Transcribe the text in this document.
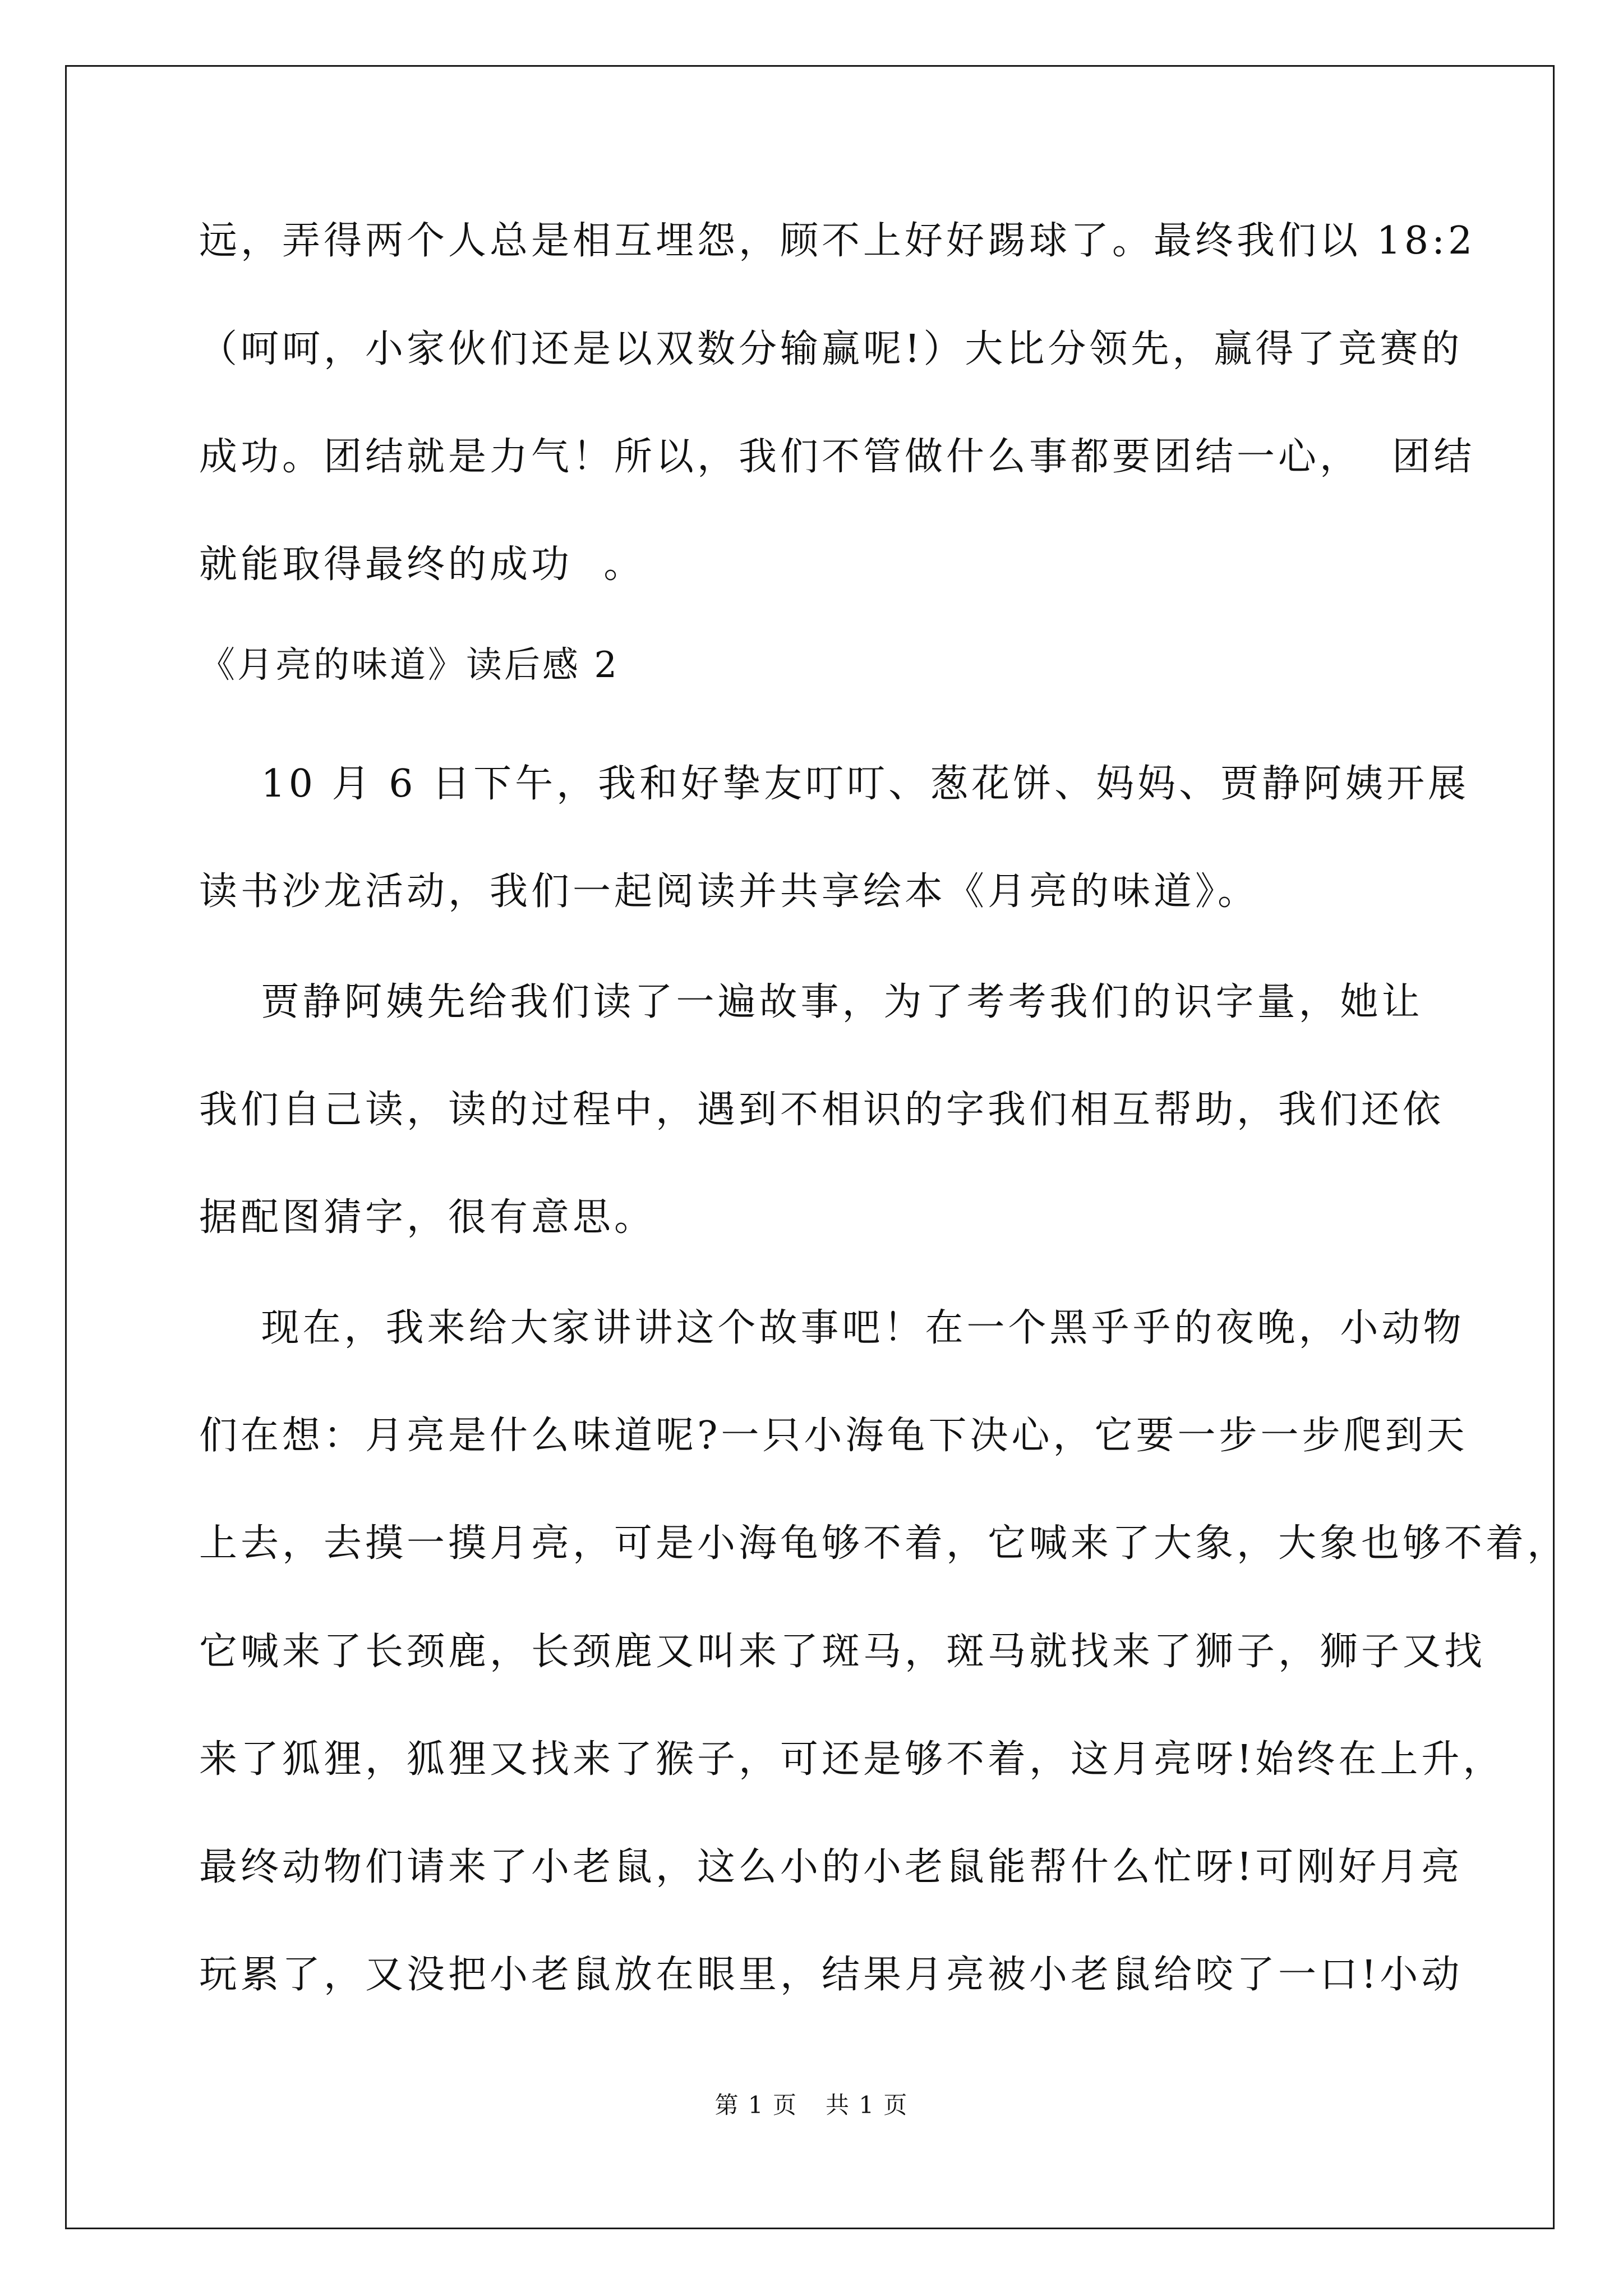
远，弄得两个人总是相互埋怨，顾不上好好踢球了。最终我们以 18:2
（呵呵，小家伙们还是以双数分输赢呢!）大比分领先，赢得了竞赛的
成功。团结就是力气！所以，我们不管做什么事都要团结一心，  团结
就能取得最终的成功  。
《月亮的味道》读后感 2
10 月 6 日下午，我和好挚友叮叮、葱花饼、妈妈、贾静阿姨开展
读书沙龙活动，我们一起阅读并共享绘本《月亮的味道》。
贾静阿姨先给我们读了一遍故事，为了考考我们的识字量，她让
我们自己读，读的过程中，遇到不相识的字我们相互帮助，我们还依
据配图猜字，很有意思。
现在，我来给大家讲讲这个故事吧！在一个黑乎乎的夜晚，小动物
们在想：月亮是什么味道呢?一只小海龟下决心，它要一步一步爬到天
上去，去摸一摸月亮，可是小海龟够不着，它喊来了大象，大象也够不着，
它喊来了长颈鹿，长颈鹿又叫来了斑马，斑马就找来了狮子，狮子又找
来了狐狸，狐狸又找来了猴子，可还是够不着，这月亮呀!始终在上升，
最终动物们请来了小老鼠，这么小的小老鼠能帮什么忙呀!可刚好月亮
玩累了，又没把小老鼠放在眼里，结果月亮被小老鼠给咬了一口!小动
第 1 页 共 1 页
